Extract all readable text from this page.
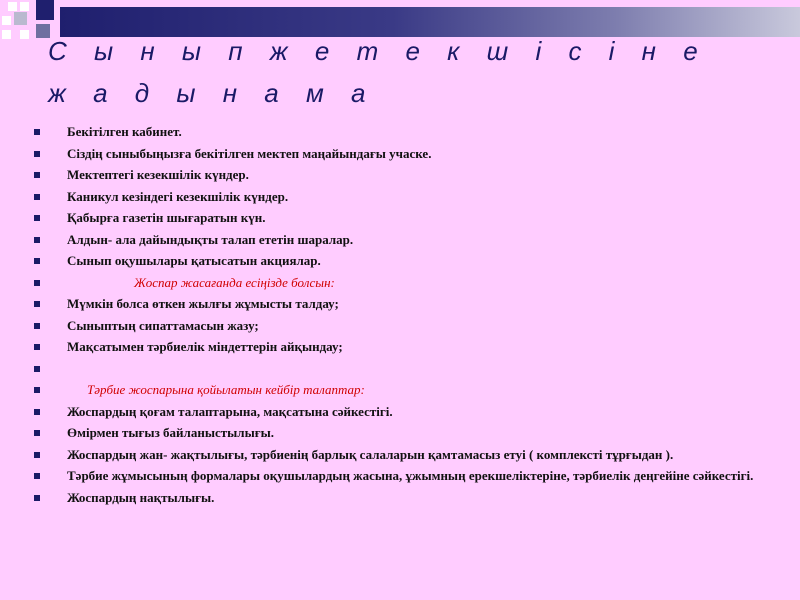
С ы н ы п ж е т е к ш і с і н е
ж а д ы н а м а
Бекітілген кабинет.
Сіздің сыныбыңызға бекітілген мектеп маңайындағы учаске.
Мектептегі кезекшілік күндер.
Каникул кезіндегі кезекшілік күндер.
Қабырға газетін шығаратын күн.
Алдын- ала дайындықты талап ететін шаралар.
Сынып оқушылары қатысатын акциялар.
Жоспар жасағанда есіңізде болсын:
Мүмкін болса өткен жылғы жұмысты талдау;
Сыныптың сипаттамасын жазу;
Мақсатымен тәрбиелік міндеттерін айқындау;
Тәрбие жоспарына қойылатын кейбір талаптар:
Жоспардың қоғам талаптарына, мақсатына сәйкестігі.
Өмірмен тығыз байланыстылығы.
Жоспардың жан- жақтылығы, тәрбиенің барлық салаларын қамтамасыз етуі ( комплексті тұрғыдан ).
Тәрбие жұмысының формалары оқушылардың жасына, ұжымның ерекшеліктеріне, тәрбиелік деңгейіне сәйкестігі.
Жоспардың нақтылығы.
